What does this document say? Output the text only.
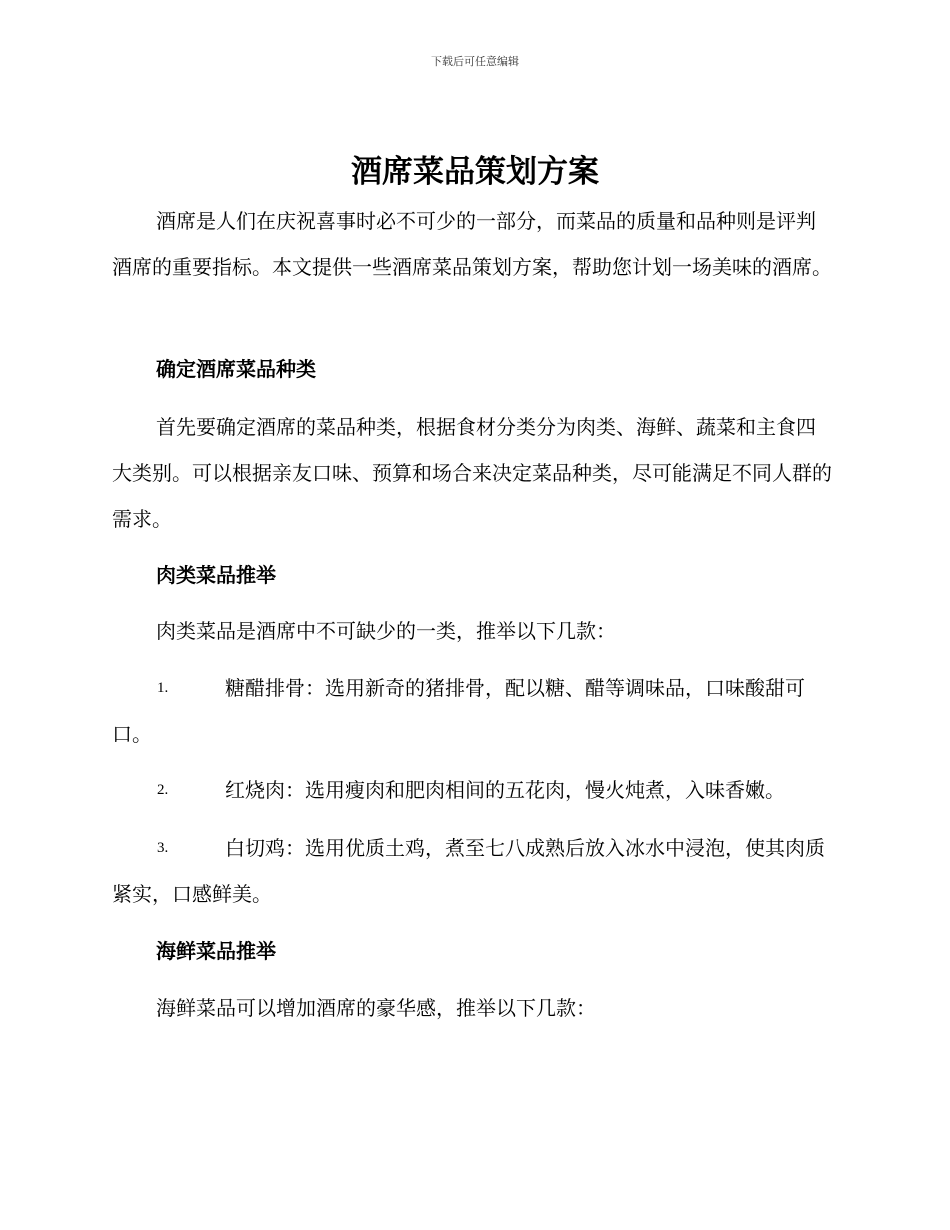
下载后可任意编辑
酒席菜品策划方案

酒席是人们在庆祝喜事时必不可少的一部分，而菜品的质量和品种则是评判酒席的重要指标。本文提供一些酒席菜品策划方案，帮助您计划一场美味的酒席。

确定酒席菜品种类

首先要确定酒席的菜品种类，根据食材分类分为肉类、海鲜、蔬菜和主食四大类别。可以根据亲友口味、预算和场合来决定菜品种类，尽可能满足不同人群的需求。

肉类菜品推举

肉类菜品是酒席中不可缺少的一类，推举以下几款：

1.	糖醋排骨：选用新奇的猪排骨，配以糖、醋等调味品，口味酸甜可口。
2.	红烧肉：选用瘦肉和肥肉相间的五花肉，慢火炖煮，入味香嫩。
3.	白切鸡：选用优质土鸡，煮至七八成熟后放入冰水中浸泡，使其肉质紧实，口感鲜美。
海鲜菜品推举

海鲜菜品可以增加酒席的豪华感，推举以下几款：
